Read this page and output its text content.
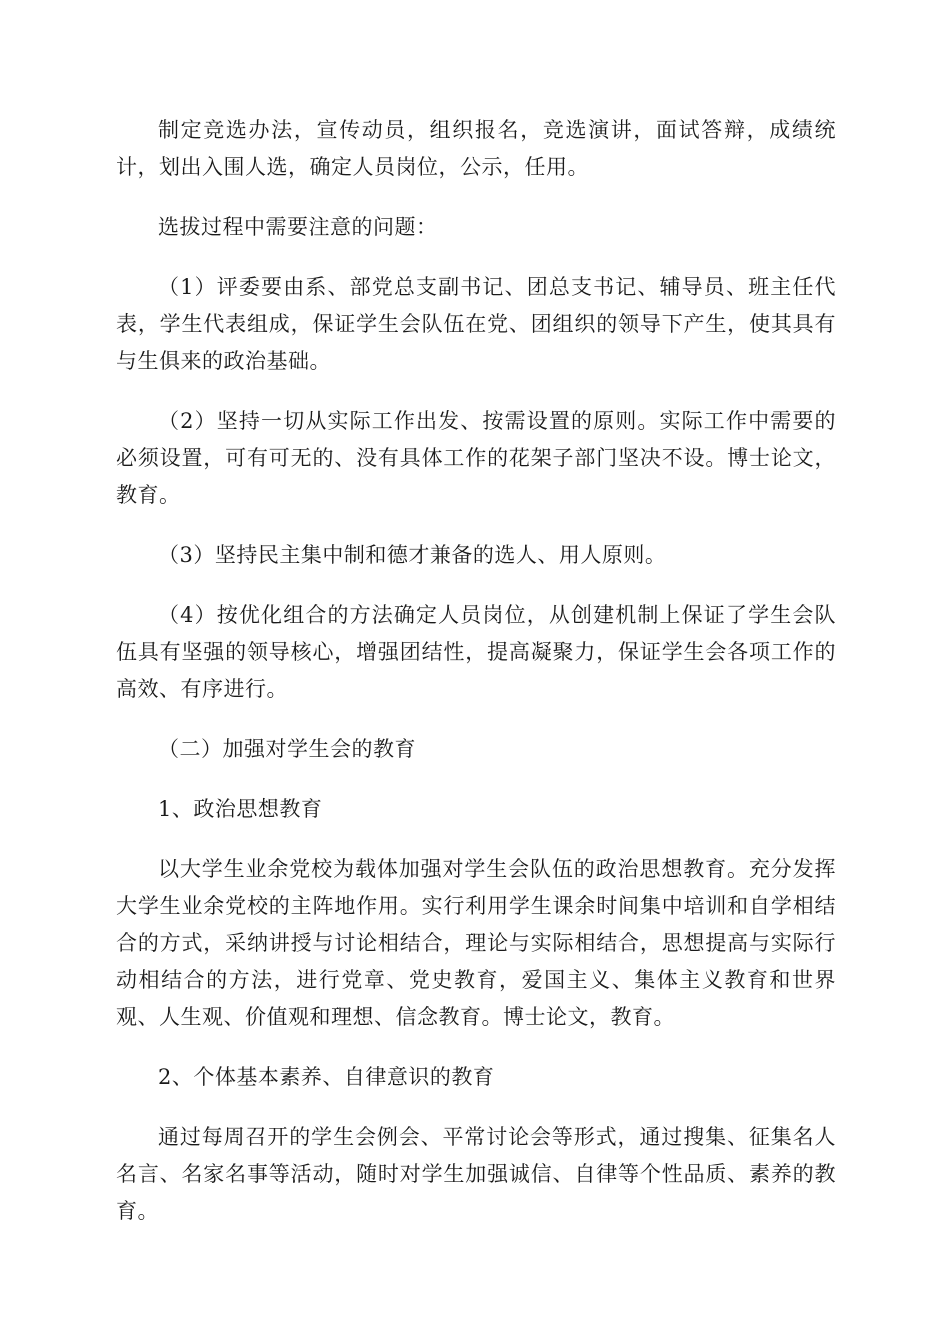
制定竞选办法，宣传动员，组织报名，竞选演讲，面试答辩，成绩统计，划出入围人选，确定人员岗位，公示，任用。

选拔过程中需要注意的问题：

（1）评委要由系、部党总支副书记、团总支书记、辅导员、班主任代表，学生代表组成，保证学生会队伍在党、团组织的领导下产生，使其具有与生俱来的政治基础。

（2）坚持一切从实际工作出发、按需设置的原则。实际工作中需要的必须设置，可有可无的、没有具体工作的花架子部门坚决不设。博士论文，教育。

（3）坚持民主集中制和德才兼备的选人、用人原则。

（4）按优化组合的方法确定人员岗位，从创建机制上保证了学生会队伍具有坚强的领导核心，增强团结性，提高凝聚力，保证学生会各项工作的高效、有序进行。

（二）加强对学生会的教育

1、政治思想教育

以大学生业余党校为载体加强对学生会队伍的政治思想教育。充分发挥大学生业余党校的主阵地作用。实行利用学生课余时间集中培训和自学相结合的方式，采纳讲授与讨论相结合，理论与实际相结合，思想提高与实际行动相结合的方法，进行党章、党史教育，爱国主义、集体主义教育和世界观、人生观、价值观和理想、信念教育。博士论文，教育。

2、个体基本素养、自律意识的教育

通过每周召开的学生会例会、平常讨论会等形式，通过搜集、征集名人名言、名家名事等活动，随时对学生加强诚信、自律等个性品质、素养的教育。
